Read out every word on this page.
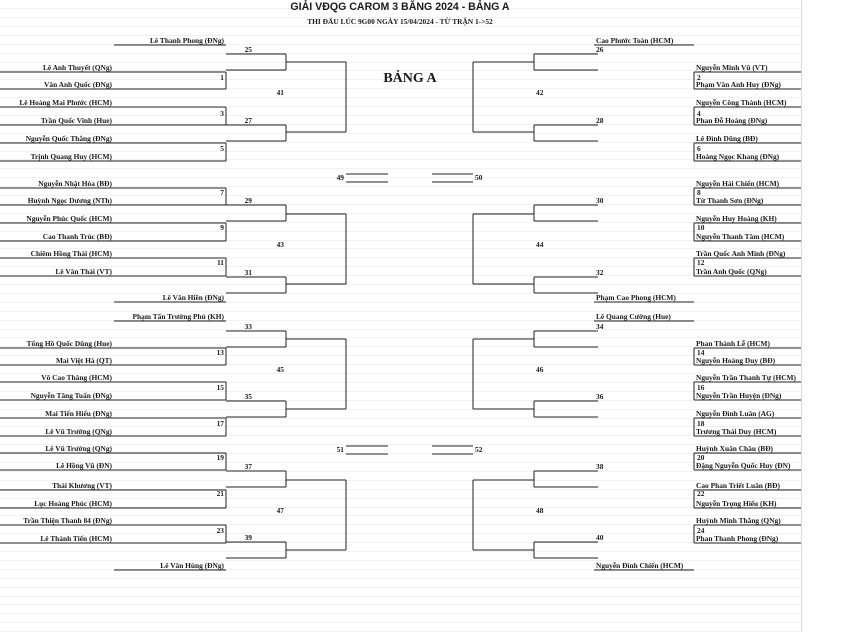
Lê Thanh Phong (ĐNg)
Lê Văn Hiền (ĐNg)
Phạm Tấn Trường Phú (KH)
Lê Văn Hùng (ĐNg)
Lê Anh Thuyết (QNg)
Văn Anh Quốc (ĐNg)
1
Lê Hoàng Mai Phước (HCM)
Trần Quốc Vinh (Hue)
3
Nguyễn Quốc Thắng (ĐNg)
Trịnh Quang Huy (HCM)
5
Nguyễn Nhật Hòa (BĐ)
Huỳnh Ngọc Dương (NTh)
7
Nguyễn Phúc Quốc (HCM)
Cao Thanh Trúc (BĐ)
9
Chiêm Hồng Thái (HCM)
Lê Văn Thái (VT)
11
Tống Hồ Quốc Dũng (Hue)
Mai Việt Hà (QT)
13
Võ Cao Thăng (HCM)
Nguyễn Tăng Tuấn (ĐNg)
15
Mai Tiến Hiếu (ĐNg)
Lê Vũ Trường (QNg)
17
Lê Vũ Trường (QNg)
Lê Hồng Vũ (ĐN)
19
Thái Khương (VT)
Lục Hoàng Phúc (HCM)
21
Trần Thiện Thanh 84 (ĐNg)
Lê Thành Tiến (HCM)
23
25
27
29
31
33
35
37
39
41
43
45
47
49
51
Cao Phước Toàn (HCM)
Phạm Cao Phong (HCM)
Lê Quang Cường (Hue)
Nguyễn Đình Chiến (HCM)
Nguyễn Minh Vũ (VT)
Phạm Văn Anh Huy (ĐNg)
2
Nguyễn Công Thành (HCM)
Phan Đỗ Hoàng (ĐNg)
4
Lê Đình Dũng (BĐ)
Hoàng Ngọc Khang (ĐNg)
6
Nguyễn Hải Chiến (HCM)
Từ Thanh Sơn (ĐNg)
8
Nguyễn Huy Hoàng (KH)
Nguyễn Thanh Tâm (HCM)
10
Trần Quốc Anh Minh (ĐNg)
Trần Anh Quốc (QNg)
12
Phan Thành Lễ (HCM)
Nguyễn Hoàng Duy (BĐ)
14
Nguyễn Trần Thanh Tự (HCM)
Nguyễn Trần Huyện (ĐNg)
16
Nguyễn Đình Luân (AG)
Trương Thái Duy (HCM)
18
Huỳnh Xuân Châu (BĐ)
Đặng Nguyễn Quốc Huy (ĐN)
20
Cao Phan Triết Luân (BĐ)
Nguyễn Trọng Hiếu (KH)
22
Huỳnh Minh Thắng (QNg)
Phan Thanh Phong (ĐNg)
24
26
28
30
32
34
36
38
40
42
44
46
48
50
52
GIẢI VĐQG CAROM 3 BĂNG 2024 - BẢNG A
THI ĐẤU LÚC 9G00 NGÀY 15/04/2024 - TỪ TRẬN 1->52
BẢNG A
